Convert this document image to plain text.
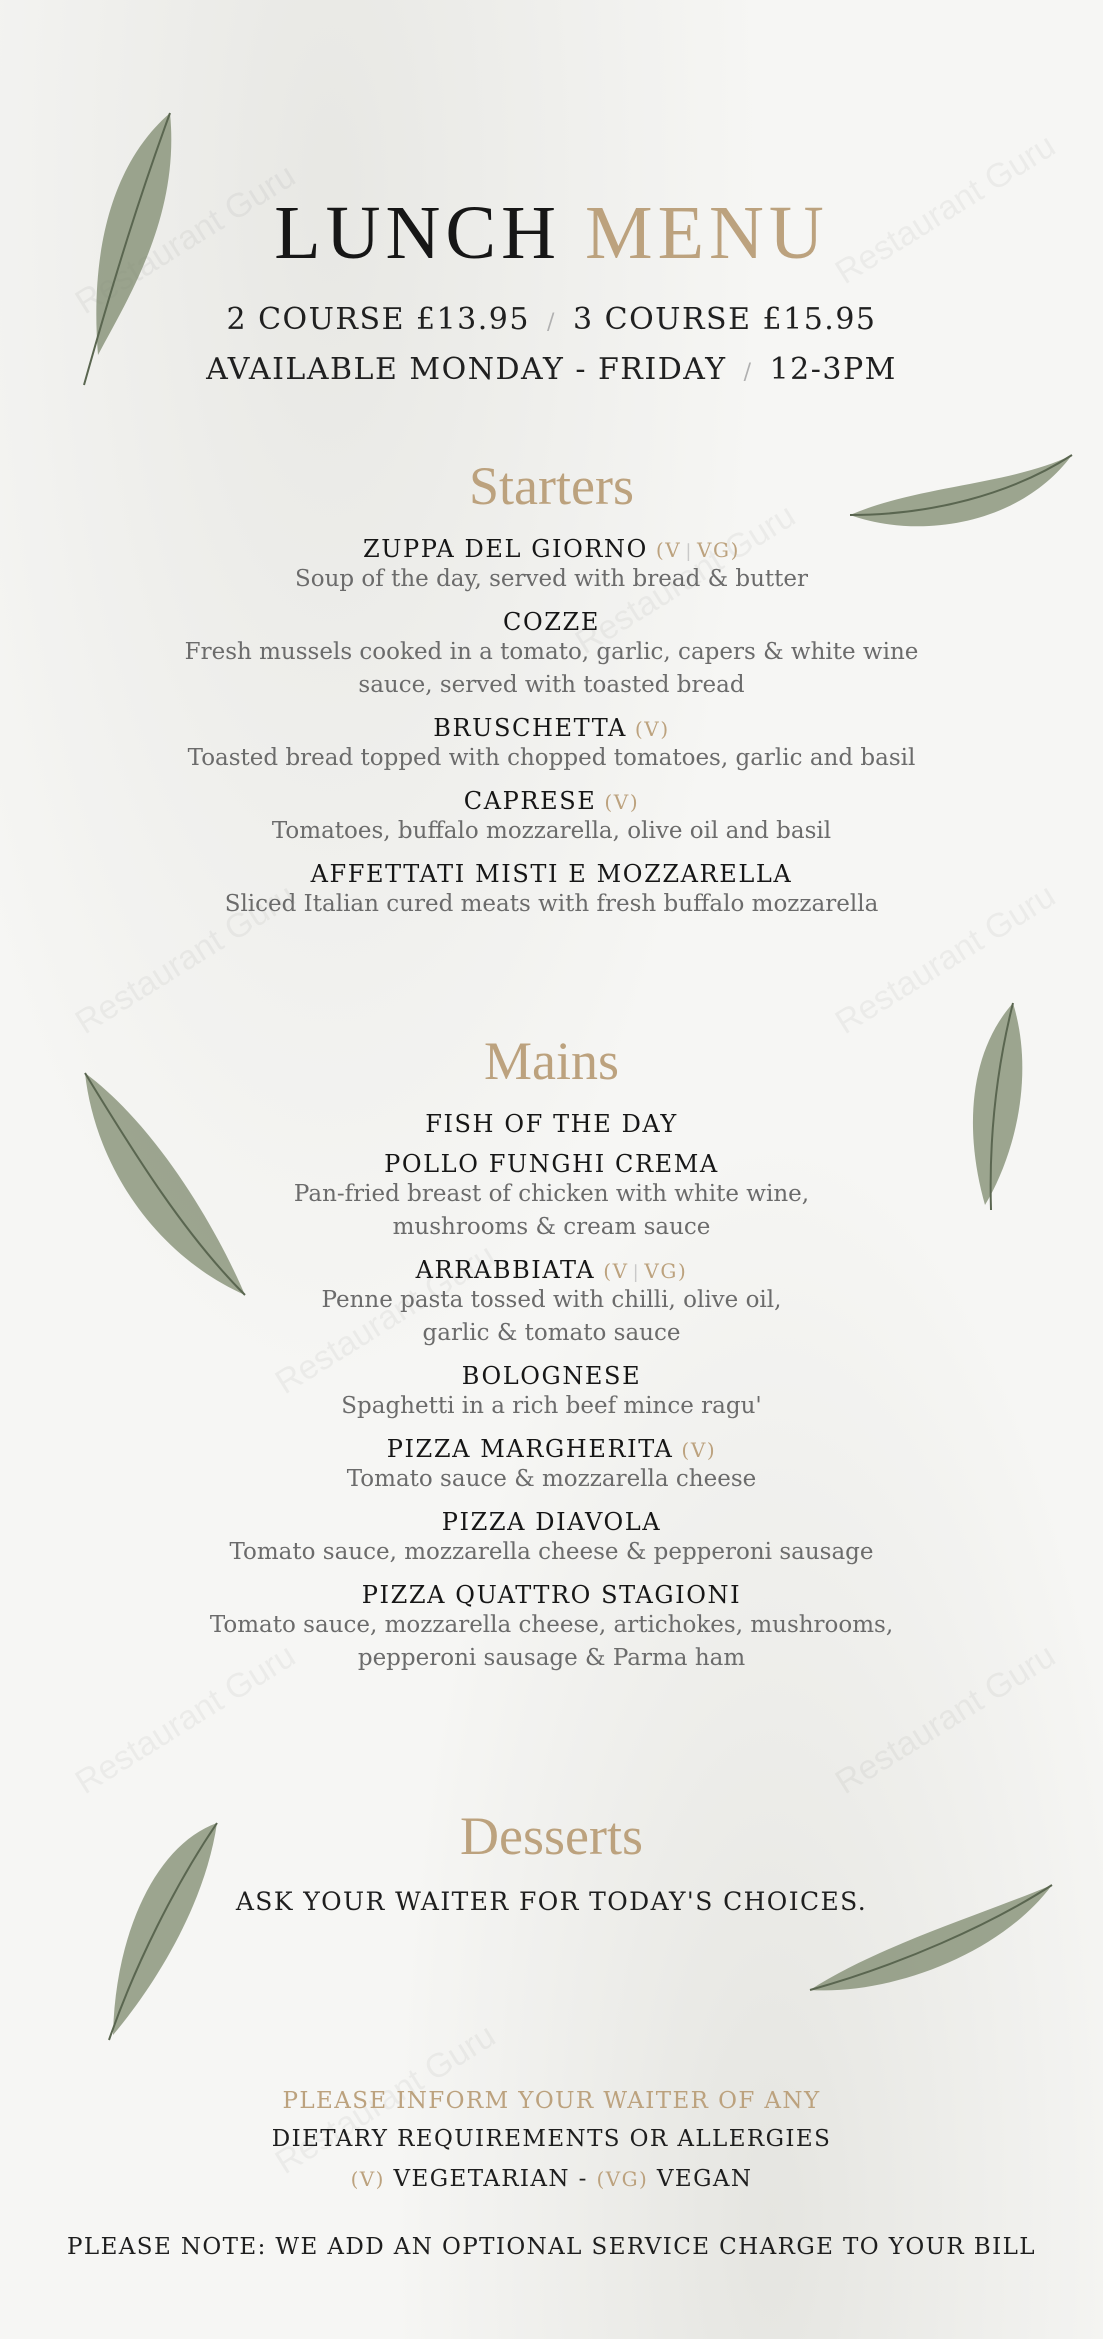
LUNCH MENU
2 COURSE £13.95 / 3 COURSE £15.95
AVAILABLE MONDAY - FRIDAY / 12-3PM
Starters
ZUPPA DEL GIORNO (V | VG)
Soup of the day, served with bread & butter
COZZE
Fresh mussels cooked in a tomato, garlic, capers & white wine
sauce, served with toasted bread
BRUSCHETTA (V)
Toasted bread topped with chopped tomatoes, garlic and basil
CAPRESE (V)
Tomatoes, buffalo mozzarella, olive oil and basil
AFFETTATI MISTI E MOZZARELLA
Sliced Italian cured meats with fresh buffalo mozzarella
Mains
FISH OF THE DAY
POLLO FUNGHI CREMA
Pan-fried breast of chicken with white wine,
mushrooms & cream sauce
ARRABBIATA (V | VG)
Penne pasta tossed with chilli, olive oil,
garlic & tomato sauce
BOLOGNESE
Spaghetti in a rich beef mince ragu'
PIZZA MARGHERITA (V)
Tomato sauce & mozzarella cheese
PIZZA DIAVOLA
Tomato sauce, mozzarella cheese & pepperoni sausage
PIZZA QUATTRO STAGIONI
Tomato sauce, mozzarella cheese, artichokes, mushrooms,
pepperoni sausage & Parma ham
Desserts
ASK YOUR WAITER FOR TODAY'S CHOICES.
PLEASE INFORM YOUR WAITER OF ANY
DIETARY REQUIREMENTS OR ALLERGIES
(V) VEGETARIAN - (VG) VEGAN
PLEASE NOTE: WE ADD AN OPTIONAL SERVICE CHARGE TO YOUR BILL
